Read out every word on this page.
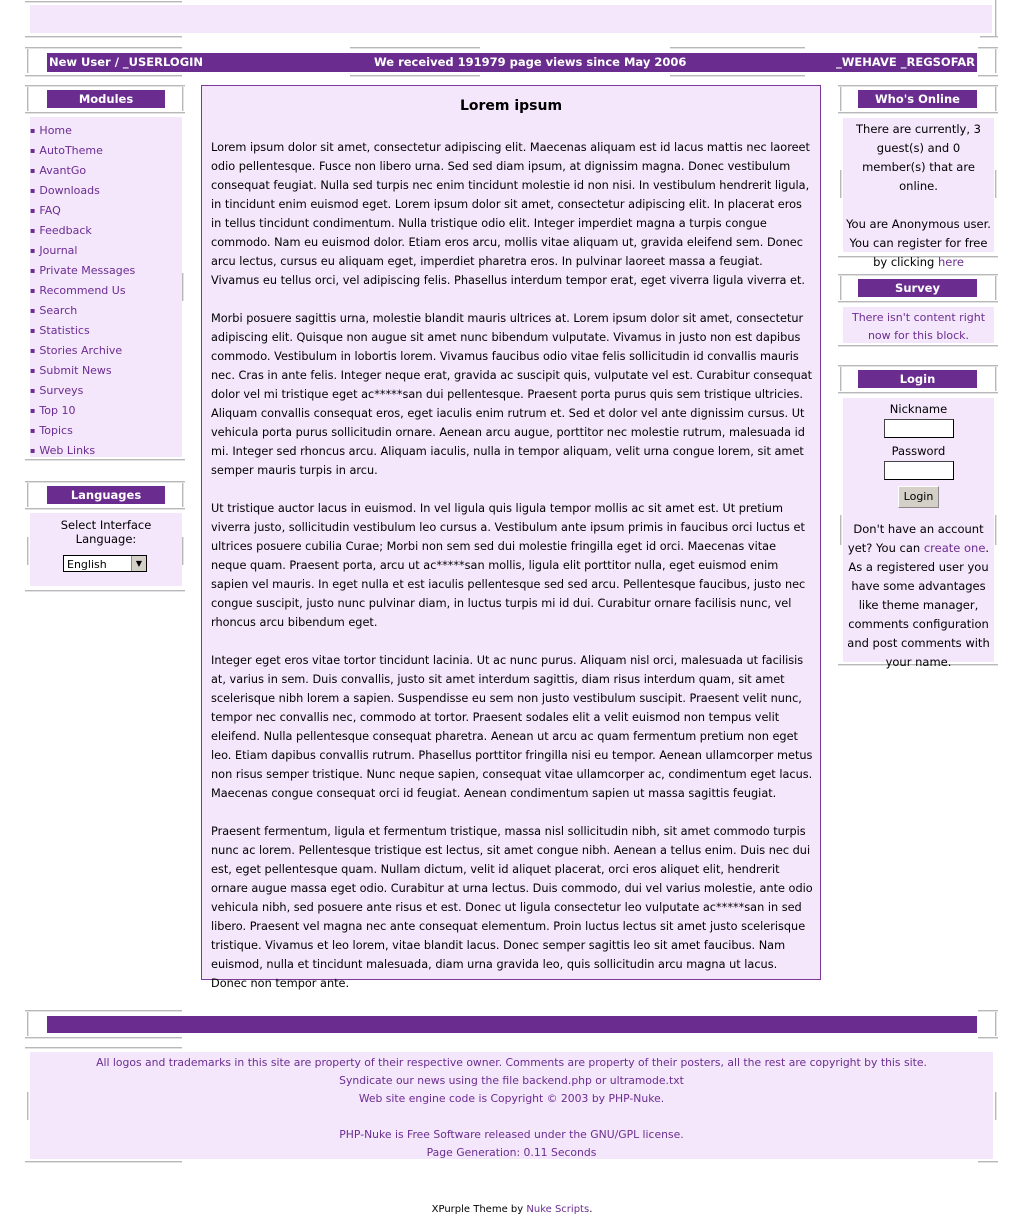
New User / _USERLOGIN	We received 191979 page views since May 2006	_WEHAVE _REGSOFAR
Modules
▪ Home
▪ AutoTheme
▪ AvantGo
▪ Downloads
▪ FAQ
▪ Feedback
▪ Journal
▪ Private Messages
▪ Recommend Us
▪ Search
▪ Statistics
▪ Stories Archive
▪ Submit News
▪ Surveys
▪ Top 10
▪ Topics
▪ Web Links
Languages
Select Interface Language:
English	▼
Lorem ipsum

Lorem ipsum dolor sit amet, consectetur adipiscing elit. Maecenas aliquam est id lacus mattis nec laoreet odio pellentesque. Fusce non libero urna. Sed sed diam ipsum, at dignissim magna. Donec vestibulum consequat feugiat. Nulla sed turpis nec enim tincidunt molestie id non nisi. In vestibulum hendrerit ligula, in tincidunt enim euismod eget. Lorem ipsum dolor sit amet, consectetur adipiscing elit. In placerat eros in tellus tincidunt condimentum. Nulla tristique odio elit. Integer imperdiet magna a turpis congue commodo. Nam eu euismod dolor. Etiam eros arcu, mollis vitae aliquam ut, gravida eleifend sem. Donec arcu lectus, cursus eu aliquam eget, imperdiet pharetra eros. In pulvinar laoreet massa a feugiat. Vivamus eu tellus orci, vel adipiscing felis. Phasellus interdum tempor erat, eget viverra ligula viverra et.

Morbi posuere sagittis urna, molestie blandit mauris ultrices at. Lorem ipsum dolor sit amet, consectetur adipiscing elit. Quisque non augue sit amet nunc bibendum vulputate. Vivamus in justo non est dapibus commodo. Vestibulum in lobortis lorem. Vivamus faucibus odio vitae felis sollicitudin id convallis mauris nec. Cras in ante felis. Integer neque erat, gravida ac suscipit quis, vulputate vel est. Curabitur consequat dolor vel mi tristique eget ac*****san dui pellentesque. Praesent porta purus quis sem tristique ultricies. Aliquam convallis consequat eros, eget iaculis enim rutrum et. Sed et dolor vel ante dignissim cursus. Ut vehicula porta purus sollicitudin ornare. Aenean arcu augue, porttitor nec molestie rutrum, malesuada id mi. Integer sed rhoncus arcu. Aliquam iaculis, nulla in tempor aliquam, velit urna congue lorem, sit amet semper mauris turpis in arcu.

Ut tristique auctor lacus in euismod. In vel ligula quis ligula tempor mollis ac sit amet est. Ut pretium viverra justo, sollicitudin vestibulum leo cursus a. Vestibulum ante ipsum primis in faucibus orci luctus et ultrices posuere cubilia Curae; Morbi non sem sed dui molestie fringilla eget id orci. Maecenas vitae neque quam. Praesent porta, arcu ut ac*****san mollis, ligula elit porttitor nulla, eget euismod enim sapien vel mauris. In eget nulla et est iaculis pellentesque sed sed arcu. Pellentesque faucibus, justo nec congue suscipit, justo nunc pulvinar diam, in luctus turpis mi id dui. Curabitur ornare facilisis nunc, vel rhoncus arcu bibendum eget.

Integer eget eros vitae tortor tincidunt lacinia. Ut ac nunc purus. Aliquam nisl orci, malesuada ut facilisis at, varius in sem. Duis convallis, justo sit amet interdum sagittis, diam risus interdum quam, sit amet scelerisque nibh lorem a sapien. Suspendisse eu sem non justo vestibulum suscipit. Praesent velit nunc, tempor nec convallis nec, commodo at tortor. Praesent sodales elit a velit euismod non tempus velit eleifend. Nulla pellentesque consequat pharetra. Aenean ut arcu ac quam fermentum pretium non eget leo. Etiam dapibus convallis rutrum. Phasellus porttitor fringilla nisi eu tempor. Aenean ullamcorper metus non risus semper tristique. Nunc neque sapien, consequat vitae ullamcorper ac, condimentum eget lacus. Maecenas congue consequat orci id feugiat. Aenean condimentum sapien ut massa sagittis feugiat.

Praesent fermentum, ligula et fermentum tristique, massa nisl sollicitudin nibh, sit amet commodo turpis nunc ac lorem. Pellentesque tristique est lectus, sit amet congue nibh. Aenean a tellus enim. Duis nec dui est, eget pellentesque quam. Nullam dictum, velit id aliquet placerat, orci eros aliquet elit, hendrerit ornare augue massa eget odio. Curabitur at urna lectus. Duis commodo, dui vel varius molestie, ante odio vehicula nibh, sed posuere ante risus et est. Donec ut ligula consectetur leo vulputate ac*****san in sed libero. Praesent vel magna nec ante consequat elementum. Proin luctus lectus sit amet justo scelerisque tristique. Vivamus et leo lorem, vitae blandit lacus. Donec semper sagittis leo sit amet faucibus. Nam euismod, nulla et tincidunt malesuada, diam urna gravida leo, quis sollicitudin arcu magna ut lacus. Donec non tempor ante.

Who's Online
There are currently, 3 guest(s) and 0 member(s) that are online.
You are Anonymous user. You can register for free by clicking here
Survey
There isn't content right now for this block.
Login
Nickname
Password
Login
Don't have an account yet? You can create one. As a registered user you have some advantages like theme manager, comments configuration and post comments with your name.
All logos and trademarks in this site are property of their respective owner. Comments are property of their posters, all the rest are copyright by this site.
Syndicate our news using the file backend.php or ultramode.txt
Web site engine code is Copyright © 2003 by PHP-Nuke.
PHP-Nuke is Free Software released under the GNU/GPL license.
Page Generation: 0.11 Seconds
XPurple Theme by Nuke Scripts.
